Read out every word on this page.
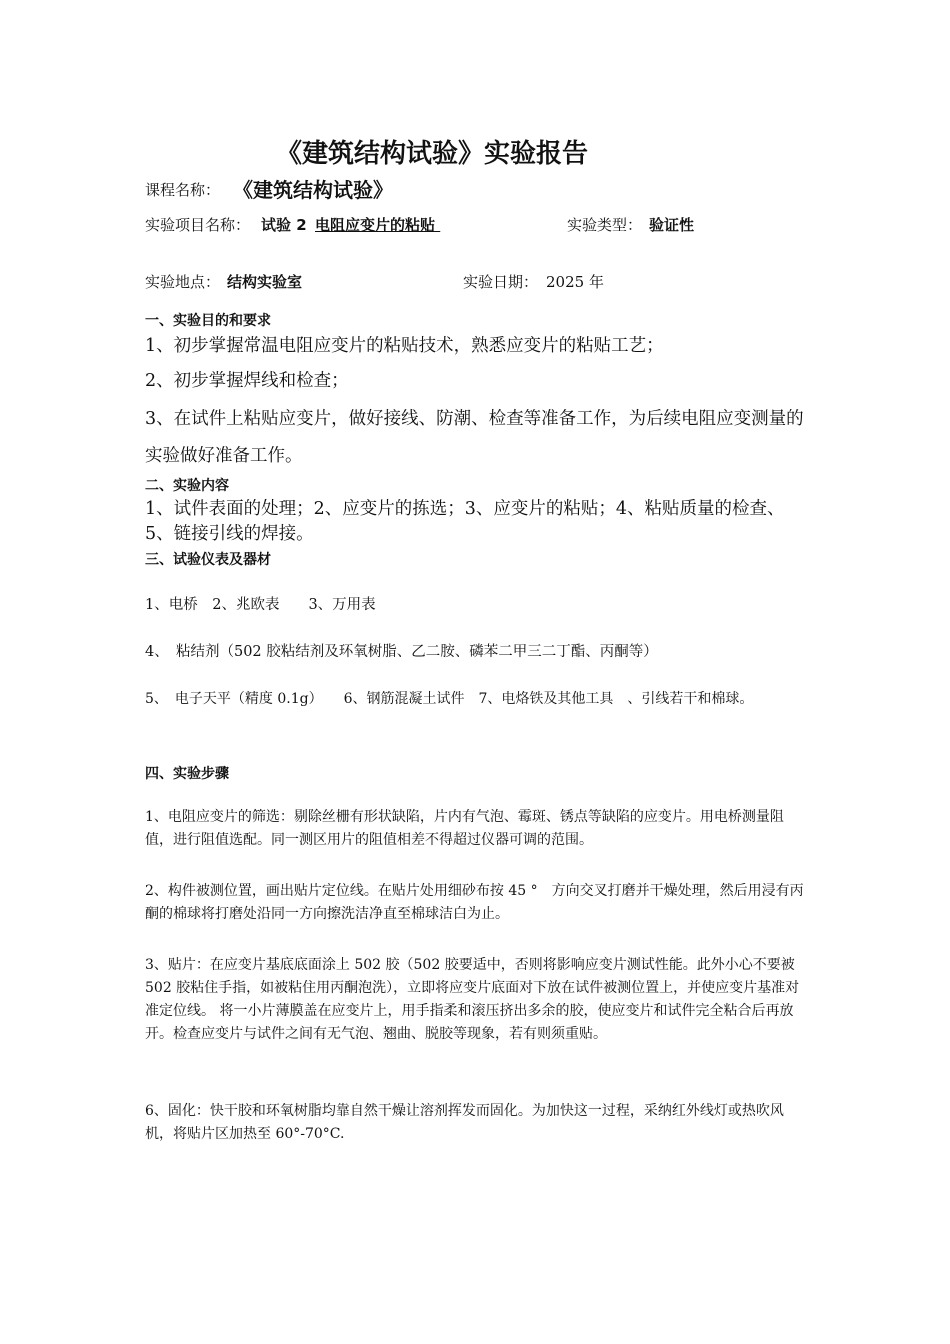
《建筑结构试验》实验报告
课程名称： 《建筑结构试验》
实验项目名称： 试验 2 电阻应变片的粘贴	实验类型： 验证性
实验地点： 结构实验室	实验日期： 2025 年
一、实验目的和要求
1、初步掌握常温电阻应变片的粘贴技术，熟悉应变片的粘贴工艺；
2、初步掌握焊线和检查；
3、在试件上粘贴应变片，做好接线、防潮、检查等准备工作，为后续电阻应变测量的实验做好准备工作。
二、实验内容
1、试件表面的处理；2、应变片的拣选；3、应变片的粘贴；4、粘贴质量的检查、5、链接引线的焊接。
三、试验仪表及器材
1、电桥　2、兆欧表　　3、万用表
4、　粘结剂（502 胶粘结剂及环氧树脂、乙二胺、磷苯二甲三二丁酯、丙酮等）
5、　电子天平（精度 0.1g）　　6、钢筋混凝土试件　7、电烙铁及其他工具　、引线若干和棉球。
四、实验步骤
1、电阻应变片的筛选：剔除丝栅有形状缺陷，片内有气泡、霉斑、锈点等缺陷的应变片。用电桥测量阻值，进行阻值选配。同一测区用片的阻值相差不得超过仪器可调的范围。
2、构件被测位置，画出贴片定位线。在贴片处用细砂布按 45 °　方向交叉打磨并干燥处理，然后用浸有丙酮的棉球将打磨处沿同一方向擦洗洁净直至棉球洁白为止。
3、贴片：在应变片基底底面涂上 502 胶（502 胶要适中，否则将影响应变片测试性能。此外小心不要被 502 胶粘住手指，如被粘住用丙酮泡洗），立即将应变片底面对下放在试件被测位置上，并使应变片基准对准定位线。 将一小片薄膜盖在应变片上，用手指柔和滚压挤出多余的胶，使应变片和试件完全粘合后再放开。检查应变片与试件之间有无气泡、翘曲、脱胶等现象，若有则须重贴。
6、固化：快干胶和环氧树脂均靠自然干燥让溶剂挥发而固化。为加快这一过程，采纳红外线灯或热吹风机，将贴片区加热至 60°-70°C.
